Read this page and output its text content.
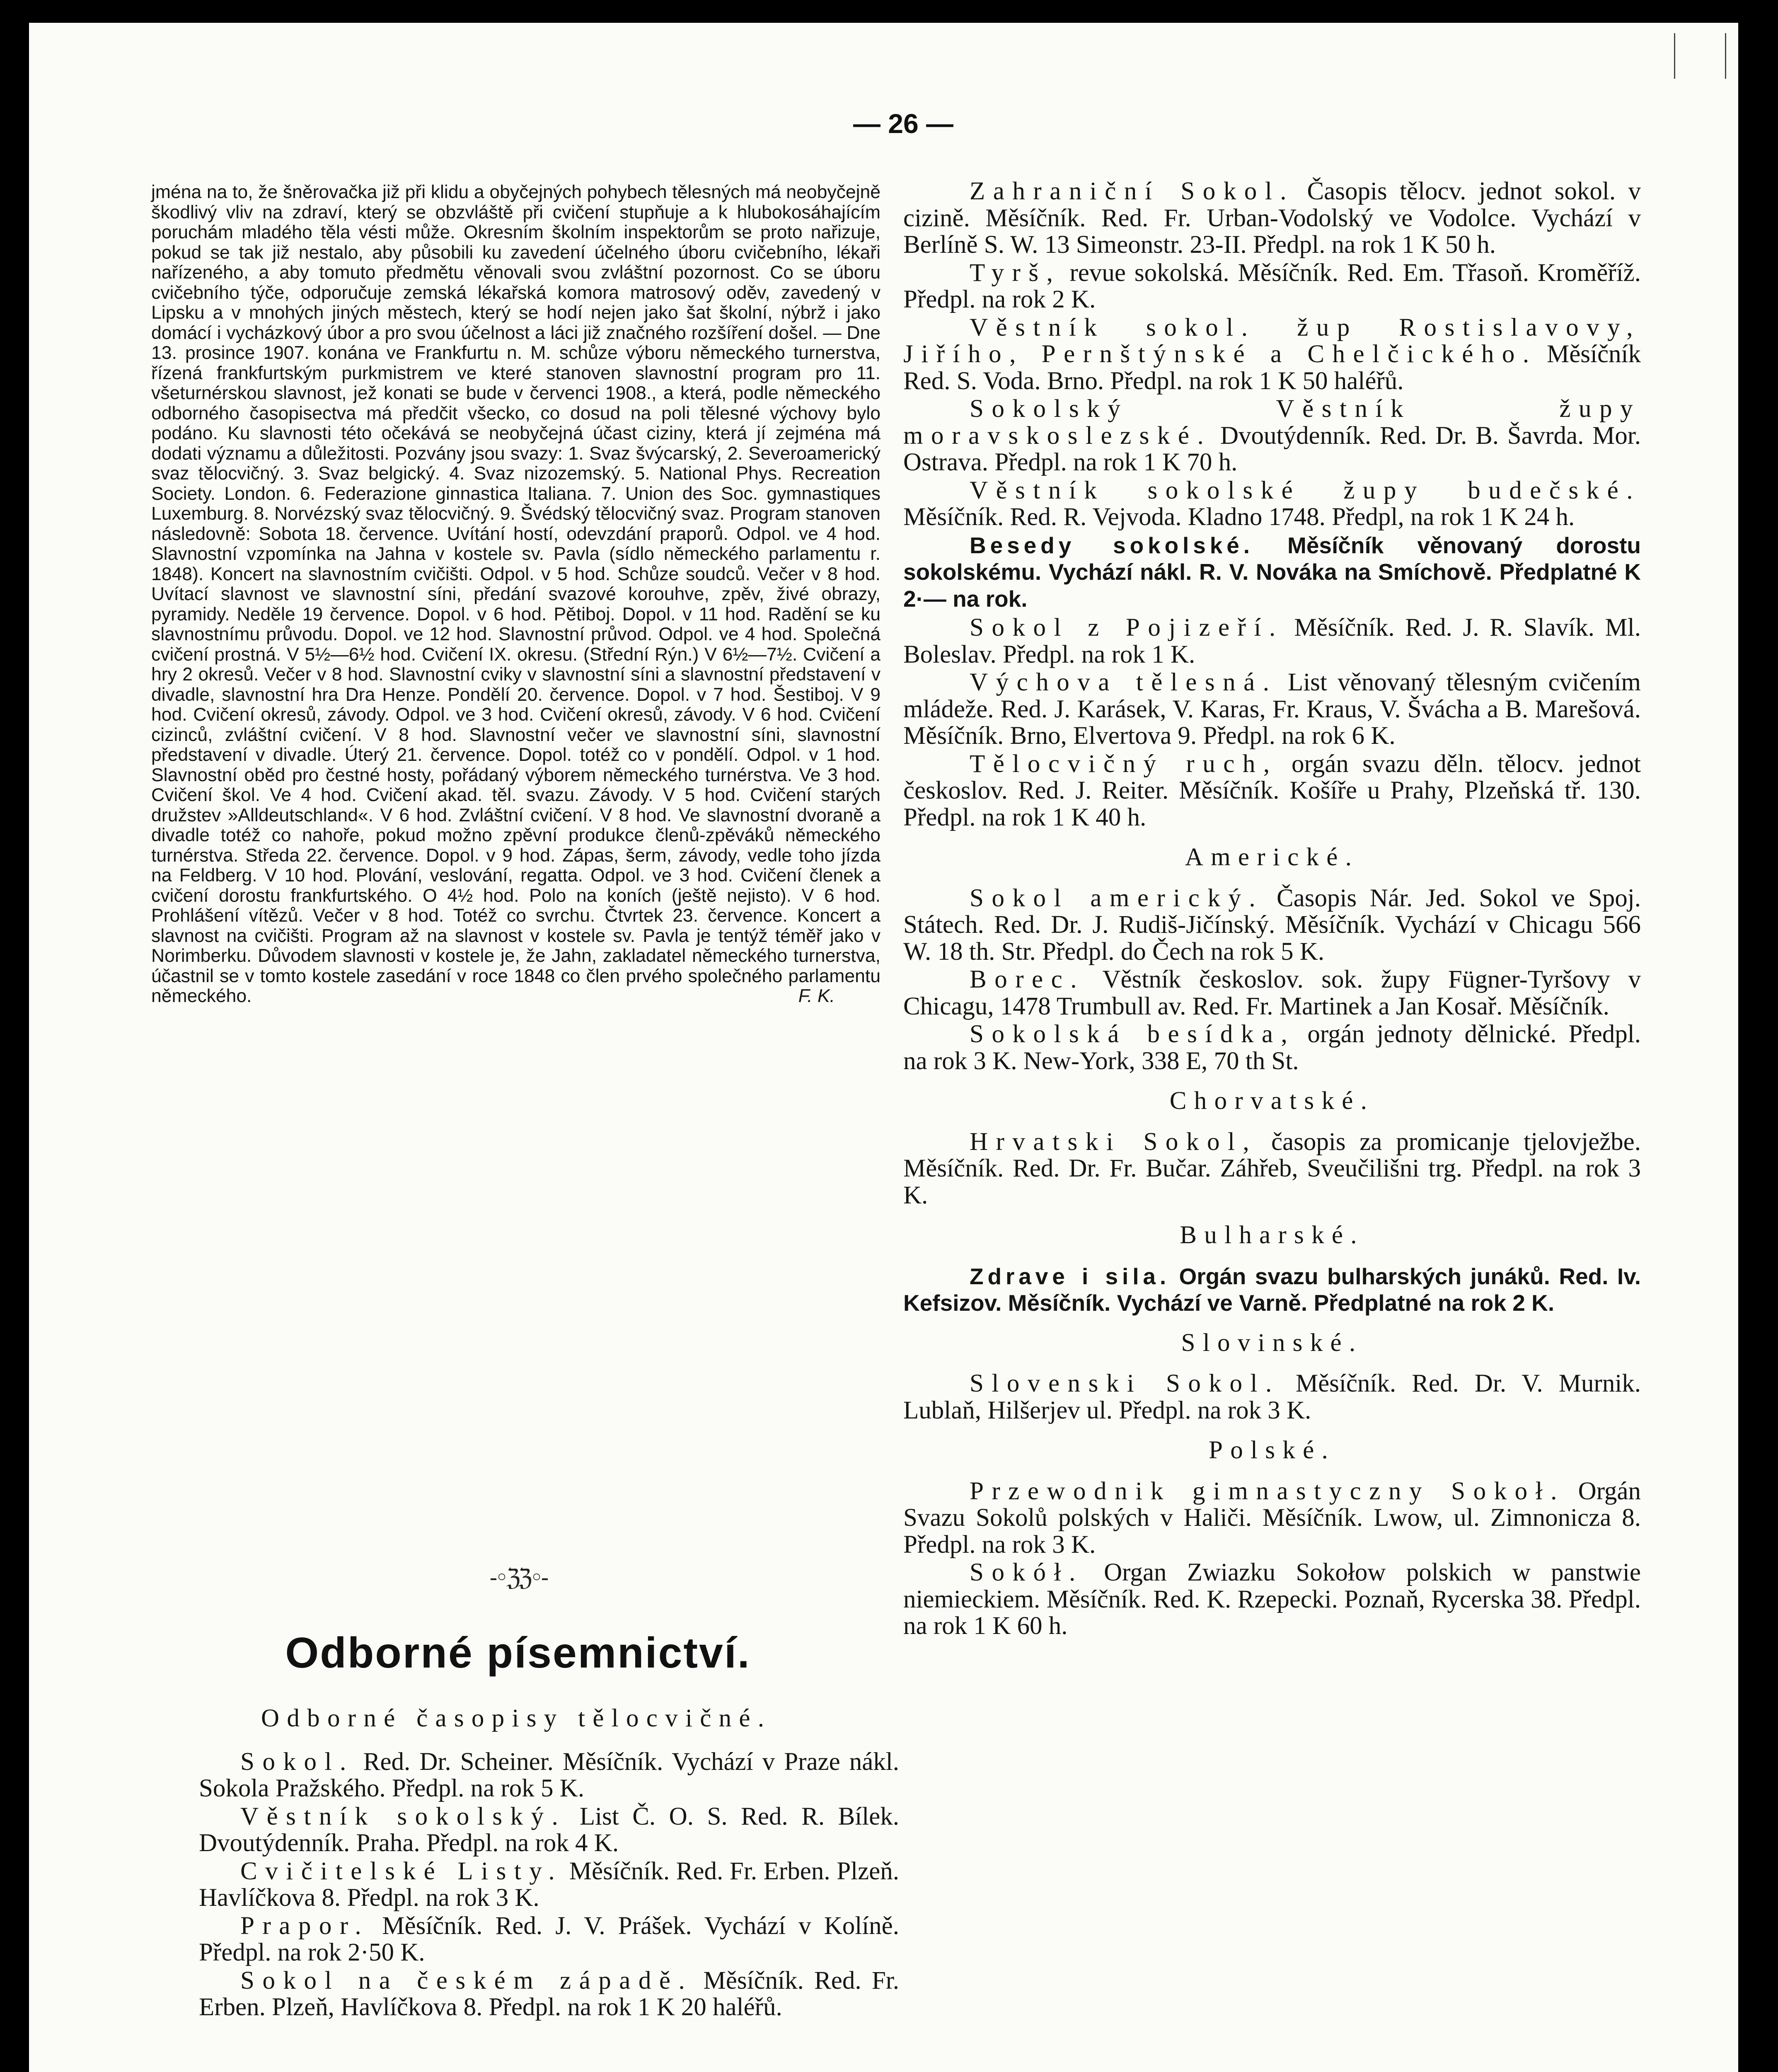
— 26 —

jména na to, že šněrovačka již při klidu a obyčejných pohybech tělesných má neobyčejně škodlivý vliv na zdraví, který se obzvláště při cvičení stupňuje a k hlubokosáhajícím poruchám mladého těla vésti může. Okresním školním inspektorům se proto nařizuje, pokud se tak již nestalo, aby působili ku zavedení účelného úboru cvičebního, lékaři nařízeného, a aby tomuto předmětu věnovali svou zvláštní pozornost. Co se úboru cvičebního týče, odporučuje zemská lékařská komora matrosový oděv, zavedený v Lipsku a v mnohých jiných městech, který se hodí nejen jako šat školní, nýbrž i jako domácí i vycházkový úbor a pro svou účelnost a láci již značného rozšíření došel. — Dne 13. prosince 1907. konána ve Frankfurtu n. M. schůze výboru německého turnerstva, řízená frankfurtským purkmistrem ve které stanoven slavnostní program pro 11. všeturnérskou slavnost, jež konati se bude v červenci 1908., a která, podle německého odborného časopisectva má předčit všecko, co dosud na poli tělesné výchovy bylo podáno. Ku slavnosti této očekává se neobyčejná účast ciziny, která jí zejména má dodati významu a důležitosti. Pozvány jsou svazy: 1. Svaz švýcarský, 2. Severoamerický svaz tělocvičný. 3. Svaz belgický. 4. Svaz nizozemský. 5. National Phys. Recreation Society. London. 6. Federazione ginnastica Italiana. 7. Union des Soc. gymnastiques Luxemburg. 8. Norvézský svaz tělocvičný. 9. Švédský tělocvičný svaz. Program stanoven následovně: Sobota 18. července. Uvítání hostí, odevzdání praporů. Odpol. ve 4 hod. Slavnostní vzpomínka na Jahna v kostele sv. Pavla (sídlo německého parlamentu r. 1848). Koncert na slavnostním cvičišti. Odpol. v 5 hod. Schůze soudců. Večer v 8 hod. Uvítací slavnost ve slavnostní síni, předání svazové korouhve, zpěv, živé obrazy, pyramidy. Neděle 19 července. Dopol. v 6 hod. Pětiboj. Dopol. v 11 hod. Radění se ku slavnostnímu průvodu. Dopol. ve 12 hod. Slavnostní průvod. Odpol. ve 4 hod. Společná cvičení prostná. V 5½—6½ hod. Cvičení IX. okresu. (Střední Rýn.) V 6½—7½. Cvičení a hry 2 okresů. Večer v 8 hod. Slavnostní cviky v slavnostní síni a slavnostní představení v divadle, slavnostní hra Dra Henze. Pondělí 20. července. Dopol. v 7 hod. Šestiboj. V 9 hod. Cvičení okresů, závody. Odpol. ve 3 hod. Cvičení okresů, závody. V 6 hod. Cvičení cizinců, zvláštní cvičení. V 8 hod. Slavnostní večer ve slavnostní síni, slavnostní představení v divadle. Úterý 21. července. Dopol. totéž co v pondělí. Odpol. v 1 hod. Slavnostní oběd pro čestné hosty, pořádaný výborem německého turnérstva. Ve 3 hod. Cvičení škol. Ve 4 hod. Cvičení akad. těl. svazu. Závody. V 5 hod. Cvičení starých družstev »Alldeutschland«. V 6 hod. Zvláštní cvičení. V 8 hod. Ve slavnostní dvoraně a divadle totéž co nahoře, pokud možno zpěvní produkce členů-zpěváků německého turnérstva. Středa 22. července. Dopol. v 9 hod. Zápas, šerm, závody, vedle toho jízda na Feldberg. V 10 hod. Plování, veslování, regatta. Odpol. ve 3 hod. Cvičení členek a cvičení dorostu frankfurtského. O 4½ hod. Polo na koních (ještě nejisto). V 6 hod. Prohlášení vítězů. Večer v 8 hod. Totéž co svrchu. Čtvrtek 23. července. Koncert a slavnost na cvičišti. Program až na slavnost v kostele sv. Pavla je tentýž téměř jako v Norimberku. Důvodem slavnosti v kostele je, že Jahn, zakladatel německého turnerstva, účastnil se v tomto kostele zasedání v roce 1848 co člen prvého společného parlamentu německého.	F. K.

-◦ℨℨ◦-
Odborné písemnictví.
Odborné časopisy tělocvičné.

Sokol. Red. Dr. Scheiner. Měsíčník. Vychází v Praze nákl. Sokola Pražského. Předpl. na rok 5 K.

Věstník sokolský. List Č. O. S. Red. R. Bílek. Dvoutýdenník. Praha. Předpl. na rok 4 K.

Cvičitelské Listy. Měsíčník. Red. Fr. Erben. Plzeň. Havlíčkova 8. Předpl. na rok 3 K.

Prapor. Měsíčník. Red. J. V. Prášek. Vychází v Kolíně. Předpl. na rok 2·50 K.

Sokol na českém západě. Měsíčník. Red. Fr. Erben. Plzeň, Havlíčkova 8. Předpl. na rok 1 K 20 haléřů.

Zahraniční Sokol. Časopis tělocv. jednot sokol. v cizině. Měsíčník. Red. Fr. Urban-Vodolský ve Vodolce. Vychází v Berlíně S. W. 13 Simeonstr. 23-II. Předpl. na rok 1 K 50 h.

Tyrš, revue sokolská. Měsíčník. Red. Em. Třasoň. Kroměříž. Předpl. na rok 2 K.

Věstník sokol. žup Rostislavovy, Jiřího, Pernštýnské a Chelčického. Měsíčník Red. S. Voda. Brno. Předpl. na rok 1 K 50 haléřů.

Sokolský Věstník župy moravskoslezské. Dvoutýdenník. Red. Dr. B. Šavrda. Mor. Ostrava. Předpl. na rok 1 K 70 h.

Věstník sokolské župy budečské. Měsíčník. Red. R. Vejvoda. Kladno 1748. Předpl, na rok 1 K 24 h.

Besedy sokolské. Měsíčník věnovaný dorostu sokolskému. Vychází nákl. R. V. Nováka na Smíchově. Předplatné K 2·— na rok.

Sokol z Pojizeří. Měsíčník. Red. J. R. Slavík. Ml. Boleslav. Předpl. na rok 1 K.

Výchova tělesná. List věnovaný tělesným cvičením mládeže. Red. J. Karásek, V. Karas, Fr. Kraus, V. Švácha a B. Marešová. Měsíčník. Brno, Elvertova 9. Předpl. na rok 6 K.

Tělocvičný ruch, orgán svazu děln. tělocv. jednot českoslov. Red. J. Reiter. Měsíčník. Košíře u Prahy, Plzeňská tř. 130. Předpl. na rok 1 K 40 h.

Americké.

Sokol americký. Časopis Nár. Jed. Sokol ve Spoj. Státech. Red. Dr. J. Rudiš-Jičínský. Měsíčník. Vychází v Chicagu 566 W. 18 th. Str. Předpl. do Čech na rok 5 K.

Borec. Věstník českoslov. sok. župy Fügner-Tyršovy v Chicagu, 1478 Trumbull av. Red. Fr. Martinek a Jan Kosař. Měsíčník.

Sokolská besídka, orgán jednoty dělnické. Předpl. na rok 3 K. New-York, 338 E, 70 th St.

Chorvatské.

Hrvatski Sokol, časopis za promicanje tjelovježbe. Měsíčník. Red. Dr. Fr. Bučar. Záhřeb, Sveučilišni trg. Předpl. na rok 3 K.

Bulharské.

Zdrave i sila. Orgán svazu bulharských junáků. Red. Iv. Kefsizov. Měsíčník. Vychází ve Varně. Předplatné na rok 2 K.

Slovinské.

Slovenski Sokol. Měsíčník. Red. Dr. V. Murnik. Lublaň, Hilšerjev ul. Předpl. na rok 3 K.

Polské.

Przewodnik gimnastyczny Sokoł. Orgán Svazu Sokolů polských v Haliči. Měsíčník. Lwow, ul. Zimnonicza 8. Předpl. na rok 3 K.

Sokół. Organ Zwiazku Sokołow polskich w panstwie niemieckiem. Měsíčník. Red. K. Rzepecki. Poznaň, Rycerska 38. Předpl. na rok 1 K 60 h.
